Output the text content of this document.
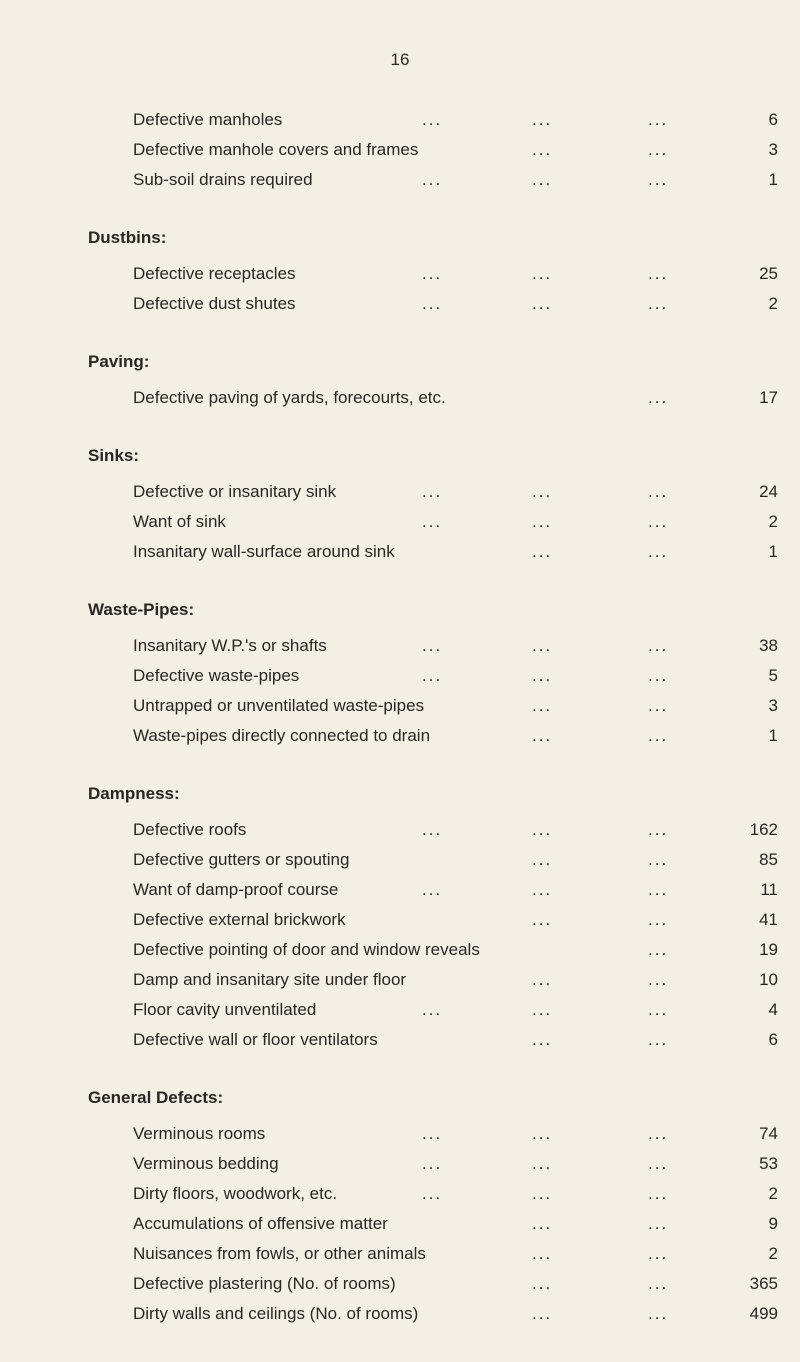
16
Defective manholes	...	...	...	6
Defective manhole covers and frames	...	...	3
Sub-soil drains required	...	...	...	1
Dustbins:
Defective receptacles	...	...	...	25
Defective dust shutes	...	...	...	2
Paving:
Defective paving of yards, forecourts, etc.	...	17
Sinks:
Defective or insanitary sink	...	...	...	24
Want of sink	...	...	...	2
Insanitary wall-surface around sink	...	...	1
Waste-Pipes:
Insanitary W.P.'s or shafts	...	...	...	38
Defective waste-pipes	...	...	...	5
Untrapped or unventilated waste-pipes	...	...	3
Waste-pipes directly connected to drain	...	...	1
Dampness:
Defective roofs	...	...	...	162
Defective gutters or spouting	...	...	85
Want of damp-proof course	...	...	...	11
Defective external brickwork	...	...	41
Defective pointing of door and window reveals	...	19
Damp and insanitary site under floor	...	...	10
Floor cavity unventilated	...	...	...	4
Defective wall or floor ventilators	...	...	6
General Defects:
Verminous rooms	...	...	...	74
Verminous bedding	...	...	...	53
Dirty floors, woodwork, etc.	...	...	...	2
Accumulations of offensive matter	...	...	9
Nuisances from fowls, or other animals	...	...	2
Defective plastering (No. of rooms)	...	...	365
Dirty walls and ceilings (No. of rooms)	...	...	499
